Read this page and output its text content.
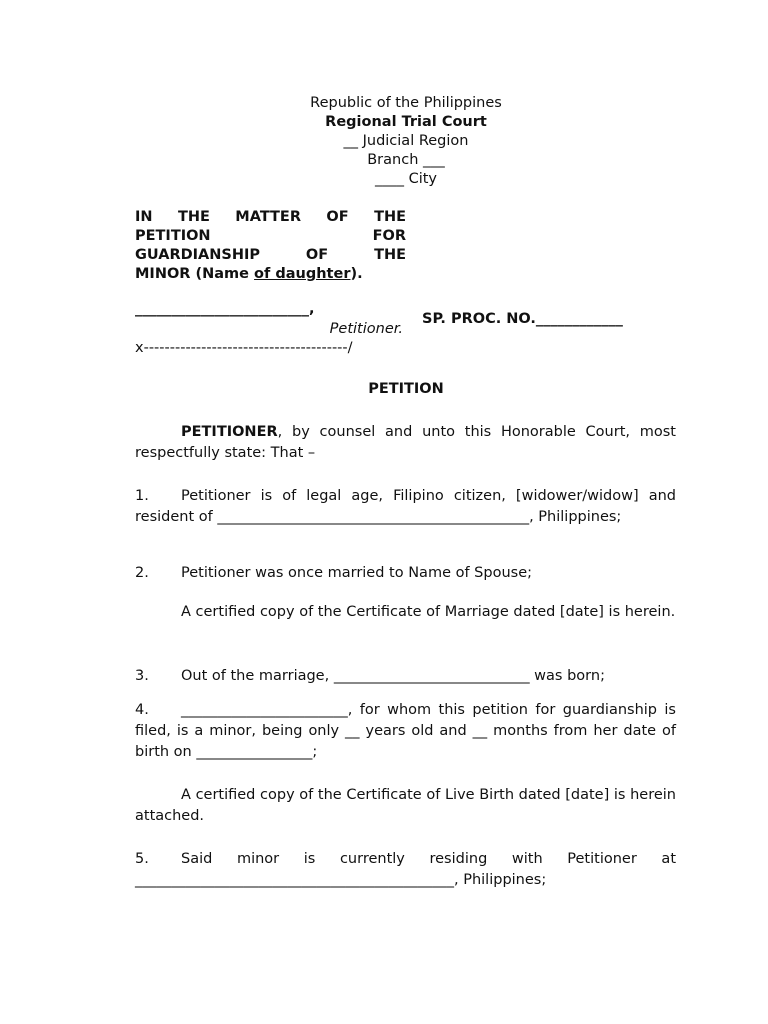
Republic of the Philippines
Regional Trial Court
__ Judicial Region
Branch ___
____ City
IN THE MATTER OF THE
PETITION FOR
GUARDIANSHIP OF THE
MINOR (Name of daughter).
________________________,
Petitioner.
x---------------------------------------/
SP. PROC. NO.____________
PETITION
PETITIONER, by counsel and unto this Honorable Court, most respectfully state: That –
1. Petitioner is of legal age, Filipino citizen, [widower/widow] and resident of ___________________________________________, Philippines;
2. Petitioner was once married to Name of Spouse;
A certified copy of the Certificate of Marriage dated [date] is herein.
3. Out of the marriage, ___________________________ was born;
4. _______________________, for whom this petition for guardianship is filed, is a minor, being only __ years old and __ months from her date of birth on ________________;
A certified copy of the Certificate of Live Birth dated [date] is herein attached.
5. Said minor is currently residing with Petitioner at ____________________________________________, Philippines;
